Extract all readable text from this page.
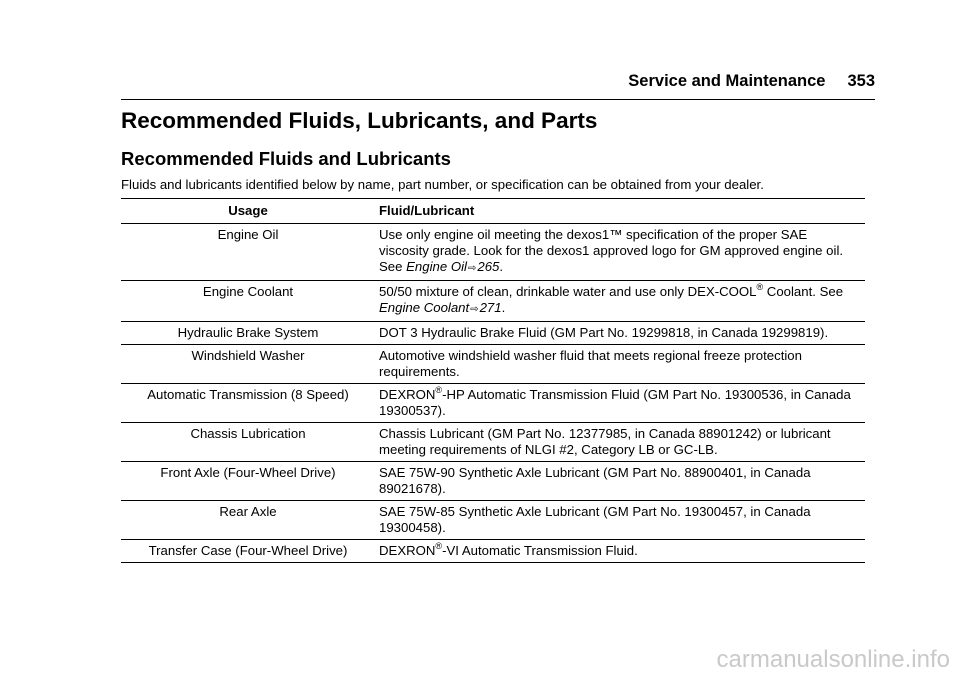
Service and Maintenance 353
Recommended Fluids, Lubricants, and Parts
Recommended Fluids and Lubricants

Fluids and lubricants identified below by name, part number, or specification can be obtained from your dealer.

Usage	Fluid/Lubricant
Engine Oil	Use only engine oil meeting the dexos1™ specification of the proper SAE viscosity grade. Look for the dexos1 approved logo for GM approved engine oil. See Engine Oil⇨265.
Engine Coolant	50/50 mixture of clean, drinkable water and use only DEX-COOL® Coolant. See Engine Coolant⇨271.
Hydraulic Brake System	DOT 3 Hydraulic Brake Fluid (GM Part No. 19299818, in Canada 19299819).
Windshield Washer	Automotive windshield washer fluid that meets regional freeze protection requirements.
Automatic Transmission (8 Speed)	DEXRON®-HP Automatic Transmission Fluid (GM Part No. 19300536, in Canada 19300537).
Chassis Lubrication	Chassis Lubricant (GM Part No. 12377985, in Canada 88901242) or lubricant meeting requirements of NLGI #2, Category LB or GC-LB.
Front Axle (Four-Wheel Drive)	SAE 75W-90 Synthetic Axle Lubricant (GM Part No. 88900401, in Canada 89021678).
Rear Axle	SAE 75W-85 Synthetic Axle Lubricant (GM Part No. 19300457, in Canada 19300458).
Transfer Case (Four-Wheel Drive)	DEXRON®-VI Automatic Transmission Fluid.
carmanualsonline.info
